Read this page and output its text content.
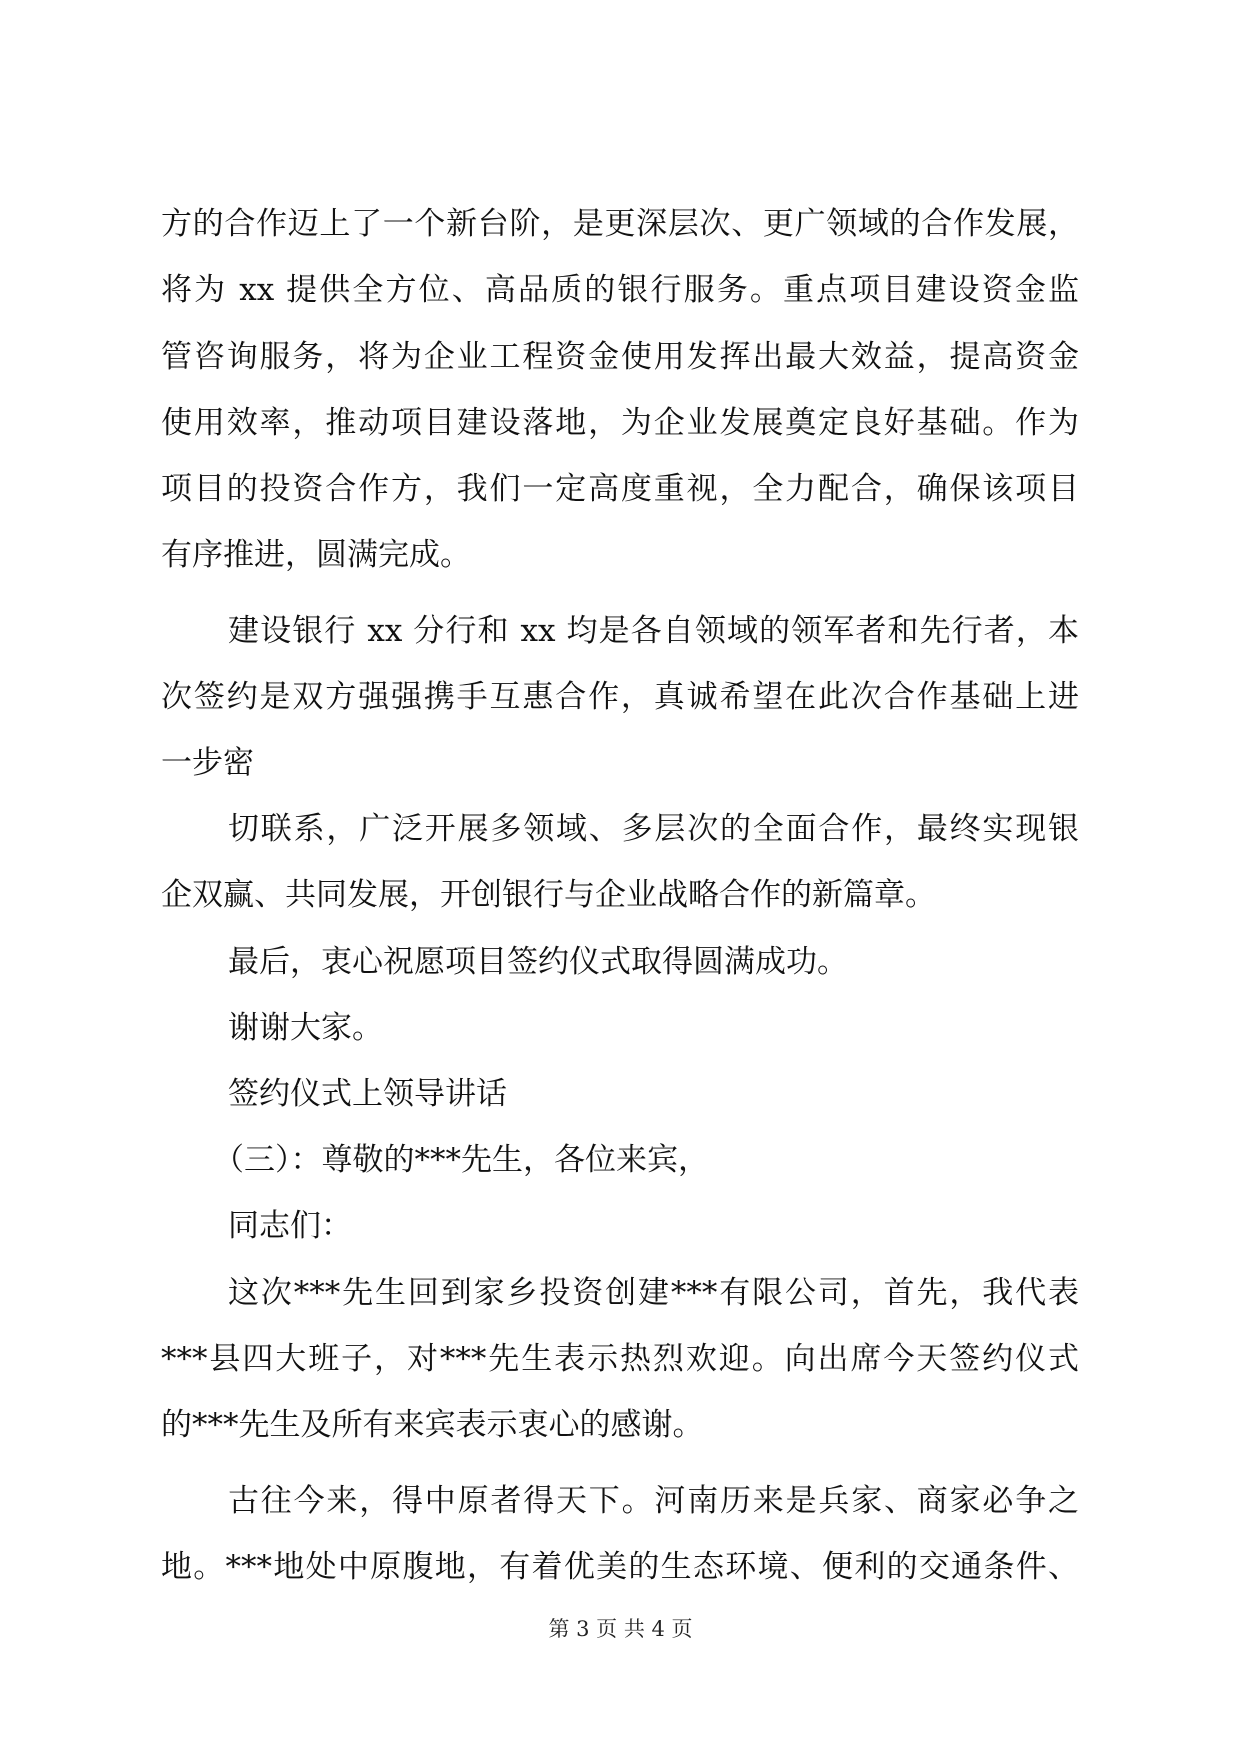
方的合作迈上了一个新台阶，是更深层次、更广领域的合作发展，
将为 xx 提供全方位、高品质的银行服务。重点项目建设资金监
管咨询服务，将为企业工程资金使用发挥出最大效益，提高资金
使用效率，推动项目建设落地，为企业发展奠定良好基础。作为
项目的投资合作方，我们一定高度重视，全力配合，确保该项目
有序推进，圆满完成。
建设银行 xx 分行和 xx 均是各自领域的领军者和先行者，本
次签约是双方强强携手互惠合作，真诚希望在此次合作基础上进
一步密
切联系，广泛开展多领域、多层次的全面合作，最终实现银
企双赢、共同发展，开创银行与企业战略合作的新篇章。
最后，衷心祝愿项目签约仪式取得圆满成功。
谢谢大家。
签约仪式上领导讲话
（三）：尊敬的***先生，各位来宾，
同志们：
这次***先生回到家乡投资创建***有限公司，首先，我代表
***县四大班子，对***先生表示热烈欢迎。向出席今天签约仪式
的***先生及所有来宾表示衷心的感谢。
古往今来，得中原者得天下。河南历来是兵家、商家必争之
地。***地处中原腹地，有着优美的生态环境、便利的交通条件、
第 3 页 共 4 页
